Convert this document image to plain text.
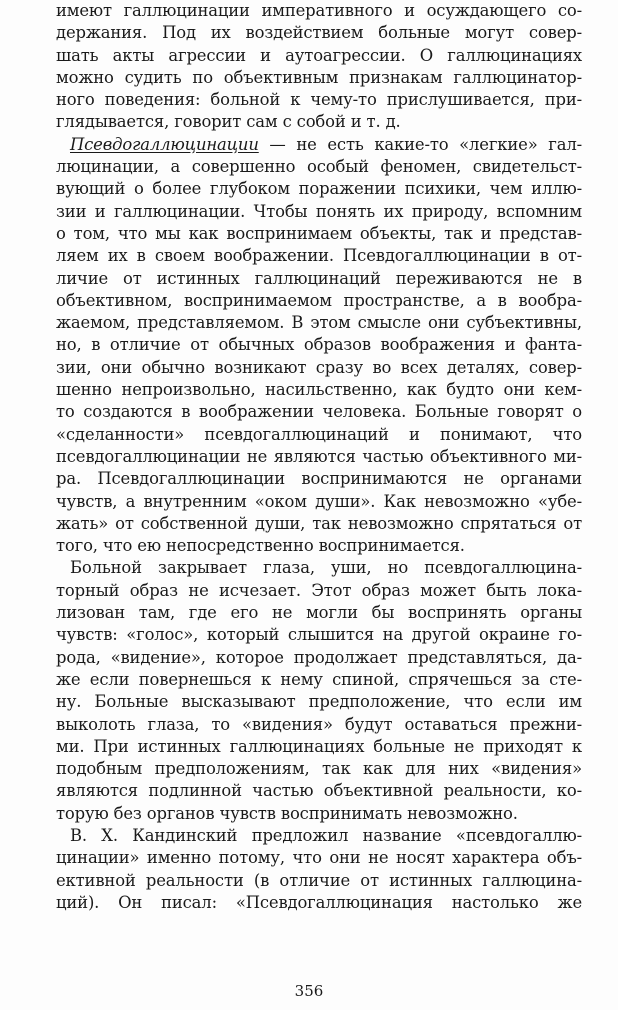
имеют галлюцинации императивного и осуждающего со-
держания. Под их воздействием больные могут совер-
шать акты агрессии и аутоагрессии. О галлюцинациях
можно судить по объективным признакам галлюцинатор-
ного поведения: больной к чему-то прислушивается, при-
глядывается, говорит сам с собой и т. д.

Псевдогаллюцинации — не есть какие-то «легкие» гал-
люцинации, а совершенно особый феномен, свидетельст-
вующий о более глубоком поражении психики, чем иллю-
зии и галлюцинации. Чтобы понять их природу, вспомним
о том, что мы как воспринимаем объекты, так и представ-
ляем их в своем воображении. Псевдогаллюцинации в от-
личие от истинных галлюцинаций переживаются не в
объективном, воспринимаемом пространстве, а в вообра-
жаемом, представляемом. В этом смысле они субъективны,
но, в отличие от обычных образов воображения и фанта-
зии, они обычно возникают сразу во всех деталях, совер-
шенно непроизвольно, насильственно, как будто они кем-
то создаются в воображении человека. Больные говорят о
«сделанности» псевдогаллюцинаций и понимают, что
псевдогаллюцинации не являются частью объективного ми-
ра. Псевдогаллюцинации воспринимаются не органами
чувств, а внутренним «оком души». Как невозможно «убе-
жать» от собственной души, так невозможно спрятаться от
того, что ею непосредственно воспринимается.

Больной закрывает глаза, уши, но псевдогаллюцина-
торный образ не исчезает. Этот образ может быть лока-
лизован там, где его не могли бы воспринять органы
чувств: «голос», который слышится на другой окраине го-
рода, «видение», которое продолжает представляться, да-
же если повернешься к нему спиной, спрячешься за сте-
ну. Больные высказывают предположение, что если им
выколоть глаза, то «видения» будут оставаться прежни-
ми. При истинных галлюцинациях больные не приходят к
подобным предположениям, так как для них «видения»
являются подлинной частью объективной реальности, ко-
торую без органов чувств воспринимать невозможно.

В. Х. Кандинский предложил название «псевдогаллю-
цинации» именно потому, что они не носят характера объ-
ективной реальности (в отличие от истинных галлюцина-
ций). Он писал: «Псевдогаллюцинация настолько же

356
